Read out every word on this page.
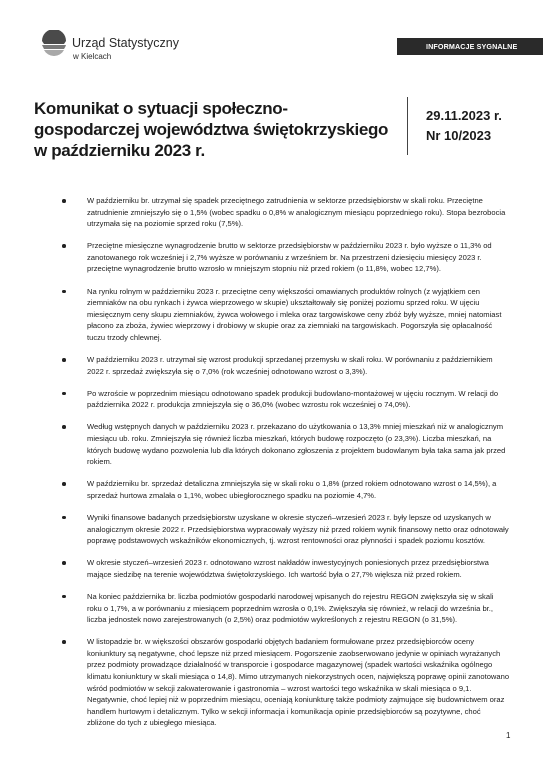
Urząd Statystyczny
w Kielcach
INFORMACJE SYGNALNE
Komunikat o sytuacji społeczno-gospodarczej województwa świętokrzyskiego w październiku 2023 r.
29.11.2023 r.
Nr 10/2023
W październiku br. utrzymał się spadek przeciętnego zatrudnienia w sektorze przedsiębiorstw w skali roku. Przeciętne zatrudnienie zmniejszyło się o 1,5% (wobec spadku o 0,8% w analogicznym miesiącu poprzedniego roku). Stopa bezrobocia utrzymała się na poziomie sprzed roku (7,5%).
Przeciętne miesięczne wynagrodzenie brutto w sektorze przedsiębiorstw w październiku 2023 r. było wyższe o 11,3% od zanotowanego rok wcześniej i 2,7% wyższe w porównaniu z wrześniem br. Na przestrzeni dziesięciu miesięcy 2023 r. przeciętne wynagrodzenie brutto wzrosło w mniejszym stopniu niż przed rokiem (o 11,8%, wobec 12,7%).
Na rynku rolnym w październiku 2023 r. przeciętne ceny większości omawianych produktów rolnych (z wyjątkiem cen ziemniaków na obu rynkach i żywca wieprzowego w skupie) ukształtowały się poniżej poziomu sprzed roku. W ujęciu miesięcznym ceny skupu ziemniaków, żywca wołowego i mleka oraz targowiskowe ceny zbóż były wyższe, mniej natomiast płacono za zboża, żywiec wieprzowy i drobiowy w skupie oraz za ziemniaki na targowiskach. Pogorszyła się opłacalność tuczu trzody chlewnej.
W październiku 2023 r. utrzymał się wzrost produkcji sprzedanej przemysłu w skali roku. W porównaniu z październikiem 2022 r. sprzedaż zwiększyła się o 7,0% (rok wcześniej odnotowano wzrost o 3,3%).
Po wzroście w poprzednim miesiącu odnotowano spadek produkcji budowlano-montażowej w ujęciu rocznym. W relacji do października 2022 r. produkcja zmniejszyła się o 36,0% (wobec wzrostu rok wcześniej o 74,0%).
Według wstępnych danych w październiku 2023 r. przekazano do użytkowania o 13,3% mniej mieszkań niż w analogicznym miesiącu ub. roku. Zmniejszyła się również liczba mieszkań, których budowę rozpoczęto (o 23,3%). Liczba mieszkań, na których budowę wydano pozwolenia lub dla których dokonano zgłoszenia z projektem budowlanym była taka sama jak przed rokiem.
W październiku br. sprzedaż detaliczna zmniejszyła się w skali roku o 1,8% (przed rokiem odnotowano wzrost o 14,5%), a sprzedaż hurtowa zmalała o 1,1%, wobec ubiegłorocznego spadku na poziomie 4,7%.
Wyniki finansowe badanych przedsiębiorstw uzyskane w okresie styczeń–wrzesień 2023 r. były lepsze od uzyskanych w analogicznym okresie 2022 r. Przedsiębiorstwa wypracowały wyższy niż przed rokiem wynik finansowy netto oraz odnotowały poprawę podstawowych wskaźników ekonomicznych, tj. wzrost rentowności oraz płynności i spadek poziomu kosztów.
W okresie styczeń–wrzesień 2023 r. odnotowano wzrost nakładów inwestycyjnych poniesionych przez przedsiębiorstwa mające siedzibę na terenie województwa świętokrzyskiego. Ich wartość była o 27,7% większa niż przed rokiem.
Na koniec października br. liczba podmiotów gospodarki narodowej wpisanych do rejestru REGON zwiększyła się w skali roku o 1,7%, a w porównaniu z miesiącem poprzednim wzrosła o 0,1%. Zwiększyła się również, w relacji do września br., liczba jednostek nowo zarejestrowanych (o 2,5%) oraz podmiotów wykreślonych z rejestru REGON (o 31,5%).
W listopadzie br. w większości obszarów gospodarki objętych badaniem formułowane przez przedsiębiorców oceny koniunktury są negatywne, choć lepsze niż przed miesiącem. Pogorszenie zaobserwowano jedynie w opiniach wyrażanych przez podmioty prowadzące działalność w transporcie i gospodarce magazynowej (spadek wartości wskaźnika ogólnego klimatu koniunktury w skali miesiąca o 14,8). Mimo utrzymanych niekorzystnych ocen, największą poprawę opinii zanotowano wśród podmiotów w sekcji zakwaterowanie i gastronomia – wzrost wartości tego wskaźnika w skali miesiąca o 9,1. Negatywnie, choć lepiej niż w poprzednim miesiącu, oceniają koniunkturę także podmioty zajmujące się budownictwem oraz handlem hurtowym i detalicznym. Tylko w sekcji informacja i komunikacja opinie przedsiębiorców są pozytywne, choć zbliżone do tych z ubiegłego miesiąca.
1
